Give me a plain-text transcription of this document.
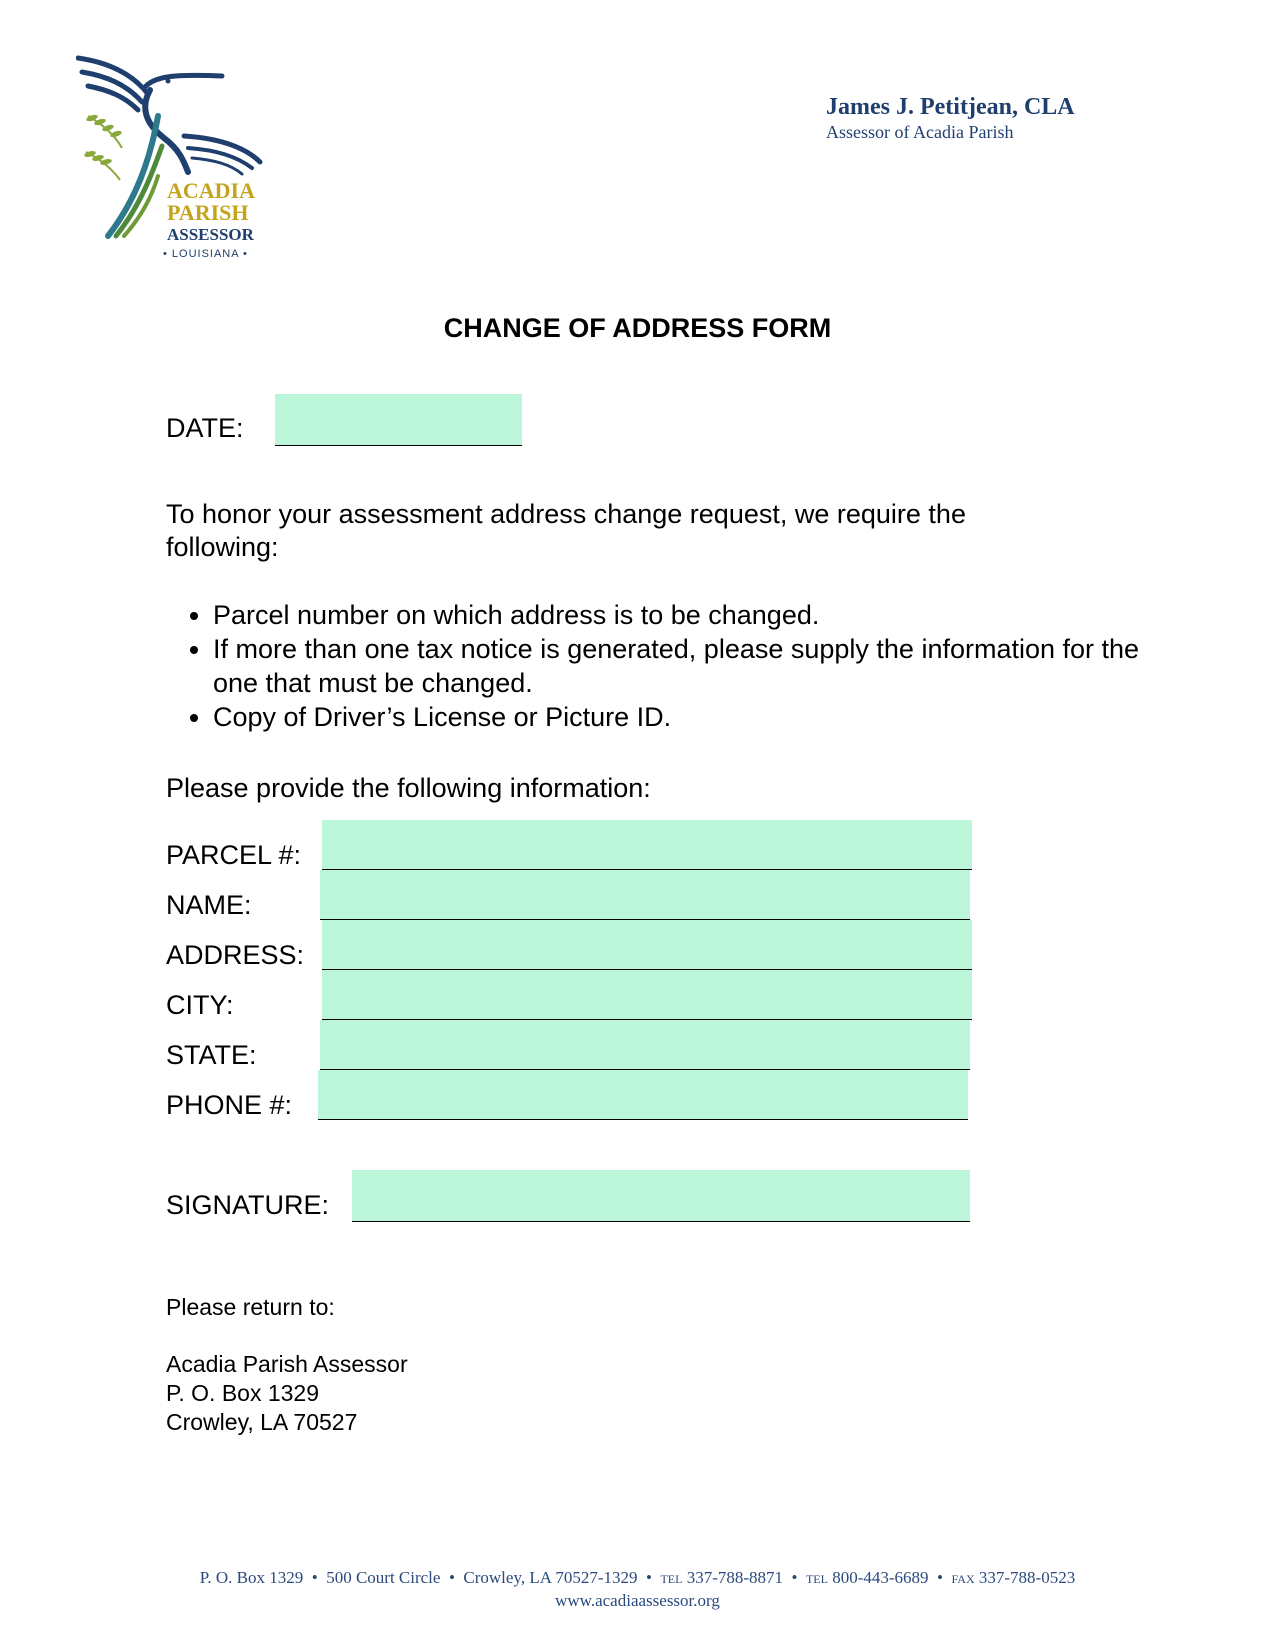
ACADIA
PARISH
ASSESSOR
• LOUISIANA •
James J. Petitjean, CLA
Assessor of Acadia Parish
CHANGE OF ADDRESS FORM
DATE:
To honor your assessment address change request, we require the
following:
• Parcel number on which address is to be changed.
• If more than one tax notice is generated, please supply the information for the one that must be changed.
• Copy of Driver’s License or Picture ID.
Please provide the following information:
PARCEL #:
NAME:
ADDRESS:
CITY:
STATE:
PHONE #:
SIGNATURE:
Please return to:
Acadia Parish Assessor
P. O. Box 1329
Crowley, LA 70527
P. O. Box 1329  •  500 Court Circle  •  Crowley, LA 70527-1329  •  TEL 337-788-8871  •  TEL 800-443-6689  •  FAX 337-788-0523
www.acadiaassessor.org
